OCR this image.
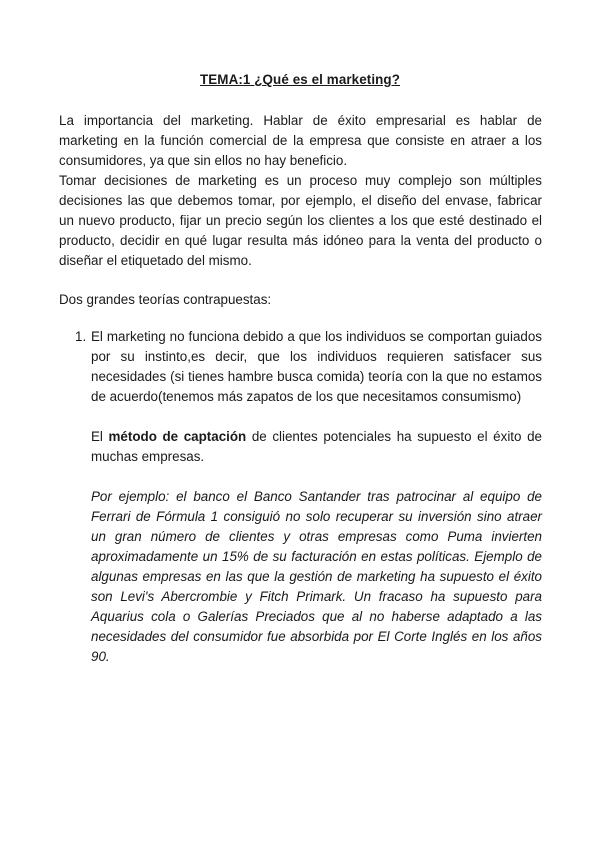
TEMA:1 ¿Qué es el marketing?

La importancia del marketing. Hablar de éxito empresarial es hablar de marketing en la función comercial de la empresa que consiste en atraer a los consumidores, ya que sin ellos no hay beneficio.

Tomar decisiones de marketing es un proceso muy complejo son múltiples decisiones las que debemos tomar, por ejemplo, el diseño del envase, fabricar un nuevo producto, fijar un precio según los clientes a los que esté destinado el producto, decidir en qué lugar resulta más idóneo para la venta del producto o diseñar el etiquetado del mismo.

Dos grandes teorías contrapuestas:

1. El marketing no funciona debido a que los individuos se comportan guiados por su instinto,es decir, que los individuos requieren satisfacer sus necesidades (si tienes hambre busca comida) teoría con la que no estamos de acuerdo(tenemos más zapatos de los que necesitamos consumismo)

El método de captación de clientes potenciales ha supuesto el éxito de muchas empresas.

Por ejemplo: el banco el Banco Santander tras patrocinar al equipo de Ferrari de Fórmula 1 consiguió no solo recuperar su inversión sino atraer un gran número de clientes y otras empresas como Puma invierten aproximadamente un 15% de su facturación en estas políticas. Ejemplo de algunas empresas en las que la gestión de marketing ha supuesto el éxito son Levi's Abercrombie y Fitch Primark. Un fracaso ha supuesto para Aquarius cola o Galerías Preciados que al no haberse adaptado a las necesidades del consumidor fue absorbida por El Corte Inglés en los años 90.
